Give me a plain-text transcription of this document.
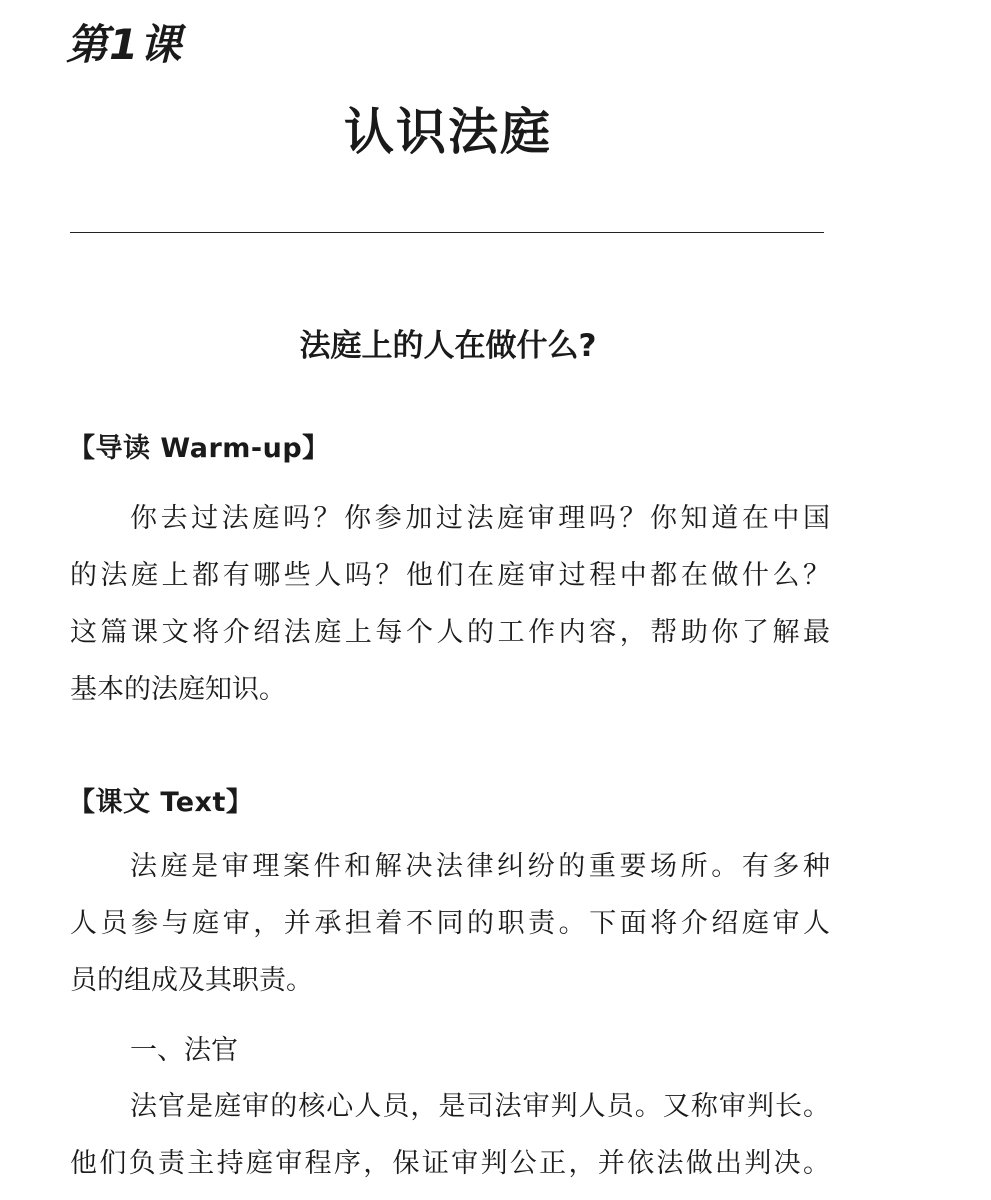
第1课
认识法庭
法庭上的人在做什么?
【导读 Warm-up】
你去过法庭吗？你参加过法庭审理吗？你知道在中国
的法庭上都有哪些人吗？他们在庭审过程中都在做什么？
这篇课文将介绍法庭上每个人的工作内容，帮助你了解最
基本的法庭知识。
【课文 Text】
法庭是审理案件和解决法律纠纷的重要场所。有多种
人员参与庭审，并承担着不同的职责。下面将介绍庭审人
员的组成及其职责。
一、法官
法官是庭审的核心人员，是司法审判人员。又称审判长。
他们负责主持庭审程序，保证审判公正，并依法做出判决。
